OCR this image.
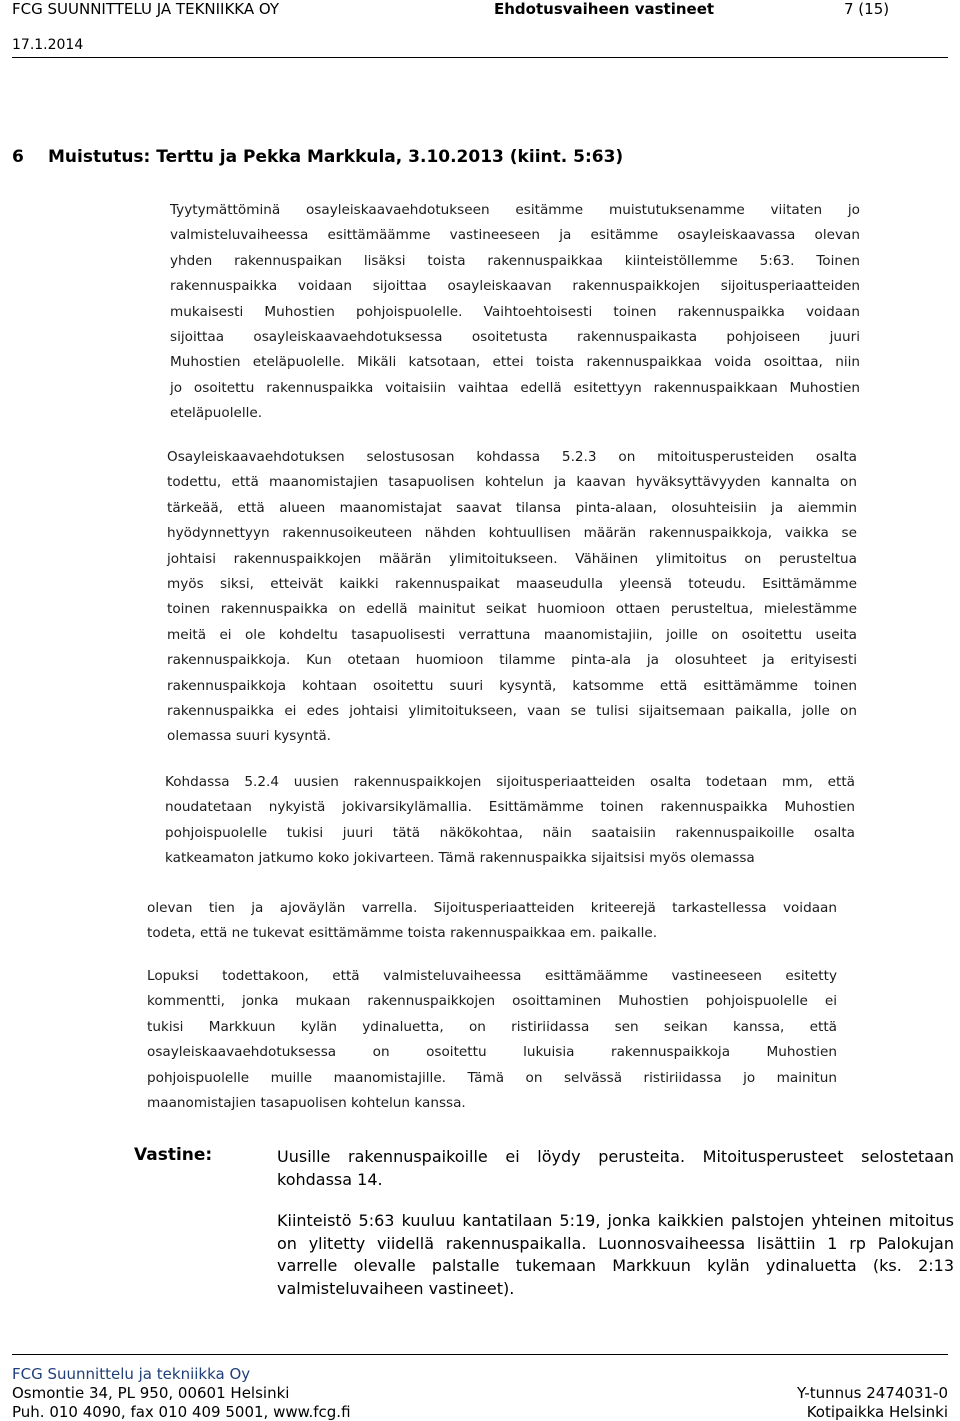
FCG SUUNNITTELU JA TEKNIIKKA OY	Ehdotusvaiheen vastineet	7 (15)
17.1.2014
6 Muistutus: Terttu ja Pekka Markkula, 3.10.2013 (kiint. 5:63)
Tyytymättöminä osayleiskaavaehdotukseen esitämme muistutuksenamme viitaten jo
valmisteluvaiheessa esittämäämme vastineeseen ja esitämme osayleiskaavassa olevan
yhden rakennuspaikan lisäksi toista rakennuspaikkaa kiinteistöllemme 5:63. Toinen
rakennuspaikka voidaan sijoittaa osayleiskaavan rakennuspaikkojen sijoitusperiaatteiden
mukaisesti Muhostien pohjoispuolelle. Vaihtoehtoisesti toinen rakennuspaikka voidaan
sijoittaa osayleiskaavaehdotuksessa osoitetusta rakennuspaikasta pohjoiseen juuri
Muhostien eteläpuolelle. Mikäli katsotaan, ettei toista rakennuspaikkaa voida osoittaa, niin
jo osoitettu rakennuspaikka voitaisiin vaihtaa edellä esitettyyn rakennuspaikkaan Muhostien
eteläpuolelle.
Osayleiskaavaehdotuksen selostusosan kohdassa 5.2.3 on mitoitusperusteiden osalta
todettu, että maanomistajien tasapuolisen kohtelun ja kaavan hyväksyttävyyden kannalta on
tärkeää, että alueen maanomistajat saavat tilansa pinta-alaan, olosuhteisiin ja aiemmin
hyödynnettyyn rakennusoikeuteen nähden kohtuullisen määrän rakennuspaikkoja, vaikka se
johtaisi rakennuspaikkojen määrän ylimitoitukseen. Vähäinen ylimitoitus on perusteltua
myös siksi, etteivät kaikki rakennuspaikat maaseudulla yleensä toteudu. Esittämämme
toinen rakennuspaikka on edellä mainitut seikat huomioon ottaen perusteltua, mielestämme
meitä ei ole kohdeltu tasapuolisesti verrattuna maanomistajiin, joille on osoitettu useita
rakennuspaikkoja. Kun otetaan huomioon tilamme pinta-ala ja olosuhteet ja erityisesti
rakennuspaikkoja kohtaan osoitettu suuri kysyntä, katsomme että esittämämme toinen
rakennuspaikka ei edes johtaisi ylimitoitukseen, vaan se tulisi sijaitsemaan paikalla, jolle on
olemassa suuri kysyntä.
Kohdassa 5.2.4 uusien rakennuspaikkojen sijoitusperiaatteiden osalta todetaan mm, että
noudatetaan nykyistä jokivarsikylämallia. Esittämämme toinen rakennuspaikka Muhostien
pohjoispuolelle tukisi juuri tätä näkökohtaa, näin saataisiin rakennuspaikoille osalta
katkeamaton jatkumo koko jokivarteen. Tämä rakennuspaikka sijaitsisi myös olemassa
olevan tien ja ajoväylän varrella. Sijoitusperiaatteiden kriteerejä tarkastellessa voidaan
todeta, että ne tukevat esittämämme toista rakennuspaikkaa em. paikalle.
Lopuksi todettakoon, että valmisteluvaiheessa esittämäämme vastineeseen esitetty
kommentti, jonka mukaan rakennuspaikkojen osoittaminen Muhostien pohjoispuolelle ei
tukisi Markkuun kylän ydinaluetta, on ristiriidassa sen seikan kanssa, että
osayleiskaavaehdotuksessa on osoitettu lukuisia rakennuspaikkoja Muhostien
pohjoispuolelle muille maanomistajille. Tämä on selvässä ristiriidassa jo mainitun
maanomistajien tasapuolisen kohtelun kanssa.
Vastine:	Uusille rakennuspaikoille ei löydy perusteita. Mitoitusperusteet selostetaan kohdassa 14.
Kiinteistö 5:63 kuuluu kantatilaan 5:19, jonka kaikkien palstojen yhteinen mitoitus on ylitetty viidellä rakennuspaikalla. Luonnosvaiheessa lisättiin 1 rp Palokujan varrelle olevalle palstalle tukemaan Markkuun kylän ydinaluetta (ks. 2:13 valmisteluvaiheen vastineet).
FCG Suunnittelu ja tekniikka Oy
Osmontie 34, PL 950, 00601 Helsinki
Puh. 010 4090, fax 010 409 5001, www.fcg.fi
Y-tunnus 2474031-0
Kotipaikka Helsinki
